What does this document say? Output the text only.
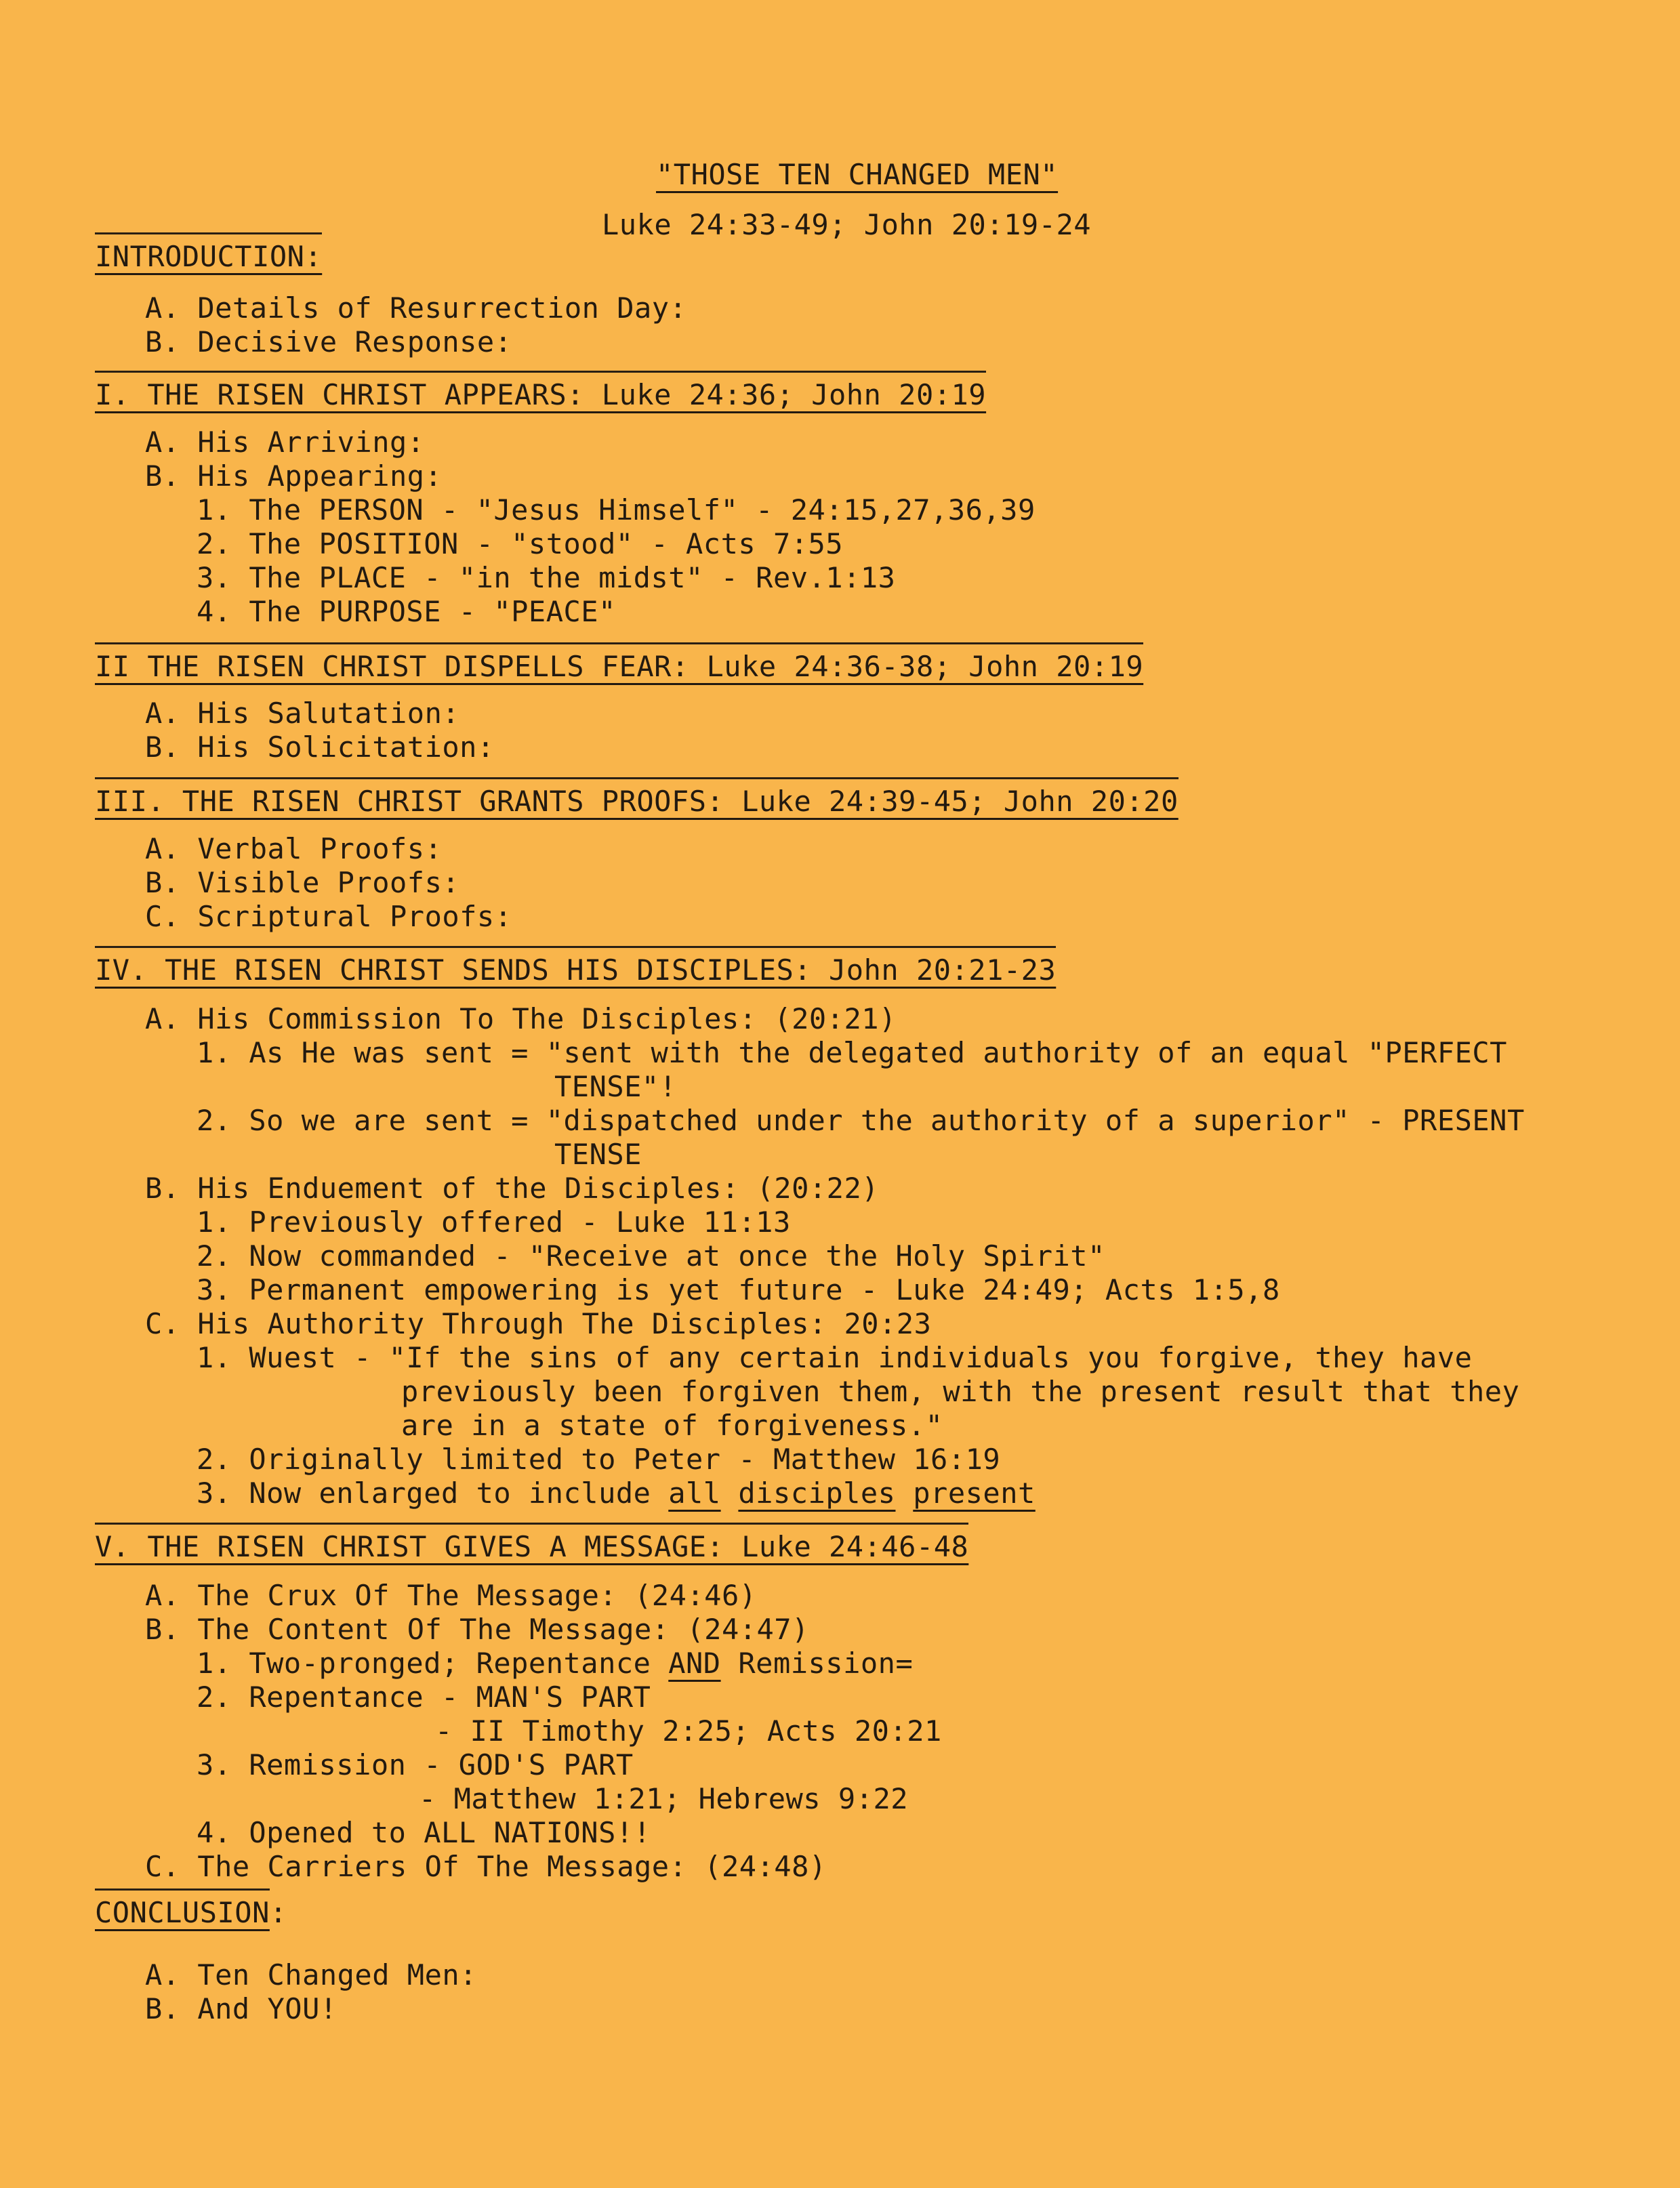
"THOSE TEN CHANGED MEN"
Luke 24:33-49; John 20:19-24
INTRODUCTION:
A. Details of Resurrection Day:
B. Decisive Response:
I. THE RISEN CHRIST APPEARS: Luke 24:36; John 20:19
A. His Arriving:
B. His Appearing:
1. The PERSON - "Jesus Himself" - 24:15,27,36,39
2. The POSITION - "stood" - Acts 7:55
3. The PLACE - "in the midst" - Rev.1:13
4. The PURPOSE - "PEACE"
II THE RISEN CHRIST DISPELLS FEAR: Luke 24:36-38; John 20:19
A. His Salutation:
B. His Solicitation:
III. THE RISEN CHRIST GRANTS PROOFS: Luke 24:39-45; John 20:20
A. Verbal Proofs:
B. Visible Proofs:
C. Scriptural Proofs:
IV. THE RISEN CHRIST SENDS HIS DISCIPLES: John 20:21-23
A. His Commission To The Disciples: (20:21)
1. As He was sent = "sent with the delegated authority of an equal "PERFECT
TENSE"!
2. So we are sent = "dispatched under the authority of a superior" - PRESENT
TENSE
B. His Enduement of the Disciples: (20:22)
1. Previously offered - Luke 11:13
2. Now commanded - "Receive at once the Holy Spirit"
3. Permanent empowering is yet future - Luke 24:49; Acts 1:5,8
C. His Authority Through The Disciples: 20:23
1. Wuest - "If the sins of any certain individuals you forgive, they have
previously been forgiven them, with the present result that they
are in a state of forgiveness."
2. Originally limited to Peter - Matthew 16:19
3. Now enlarged to include all disciples present
V. THE RISEN CHRIST GIVES A MESSAGE: Luke 24:46-48
A. The Crux Of The Message: (24:46)
B. The Content Of The Message: (24:47)
1. Two-pronged; Repentance AND Remission=
2. Repentance - MAN'S PART
- II Timothy 2:25; Acts 20:21
3. Remission - GOD'S PART
- Matthew 1:21; Hebrews 9:22
4. Opened to ALL NATIONS!!
C. The Carriers Of The Message: (24:48)
CONCLUSION:
A. Ten Changed Men:
B. And YOU!
